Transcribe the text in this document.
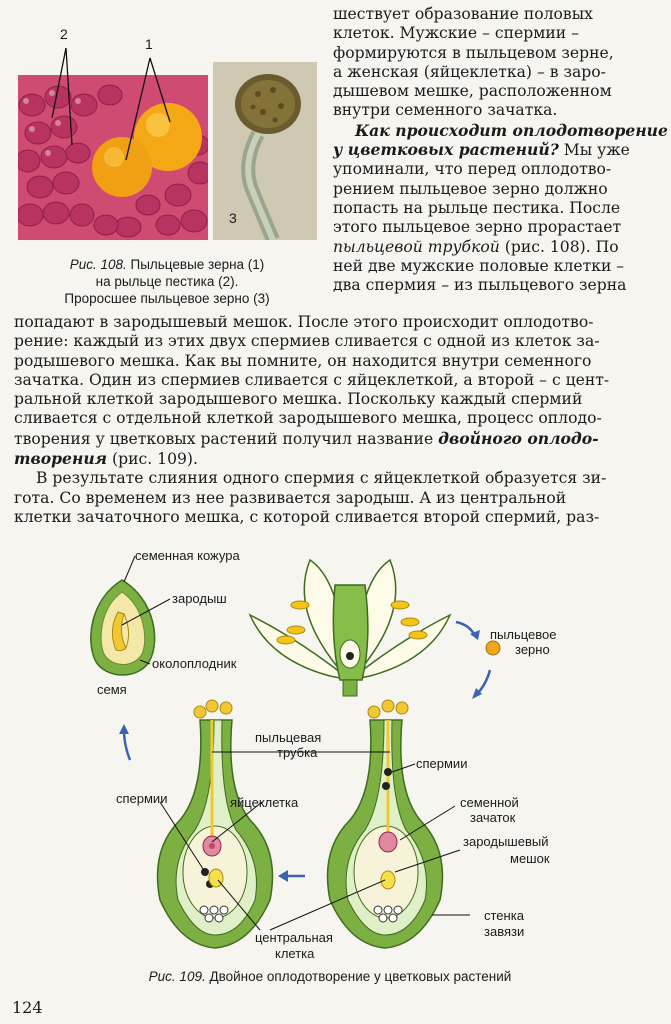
2
1
3
Рис. 108. Пыльцевые зерна (1)
на рыльце пестика (2).
Проросшее пыльцевое зерно (3)
шествует образование половых
клеток. Мужские – спермии –
формируются в пыльцевом зерне,
а женская (яйцеклетка) – в заро-
дышевом мешке, расположенном
внутри семенного зачатка.
Как происходит оплодотворение
у цветковых растений? Мы уже
упоминали, что перед оплодотво-
рением пыльцевое зерно должно
попасть на рыльце пестика. После
этого пыльцевое зерно прорастает
пыльцевой трубкой (рис. 108). По
ней две мужские половые клетки –
два спермия – из пыльцевого зерна
попадают в зародышевый мешок. После этого происходит оплодотво-
рение: каждый из этих двух спермиев сливается с одной из клеток за-
родышевого мешка. Как вы помните, он находится внутри семенного
зачатка. Один из спермиев сливается с яйцеклеткой, а второй – с цент-
ральной клеткой зародышевого мешка. Поскольку каждый спермий
сливается с отдельной клеткой зародышевого мешка, процесс оплодо-
творения у цветковых растений получил название двойного оплодо-
творения (рис. 109).
В результате слияния одного спермия с яйцеклеткой образуется зи-
гота. Со временем из нее развивается зародыш. А из центральной
клетки зачаточного мешка, с которой сливается второй спермий, раз-
семенная кожура
зародыш
околоплодник
семя
пыльцевое
зерно
пыльцевая
трубка
спермии
спермии	яйцеклетка	семенной
зачаток
зародышевый
мешок
стенка
завязи
центральная
клетка
Рис. 109. Двойное оплодотворение у цветковых растений
124
